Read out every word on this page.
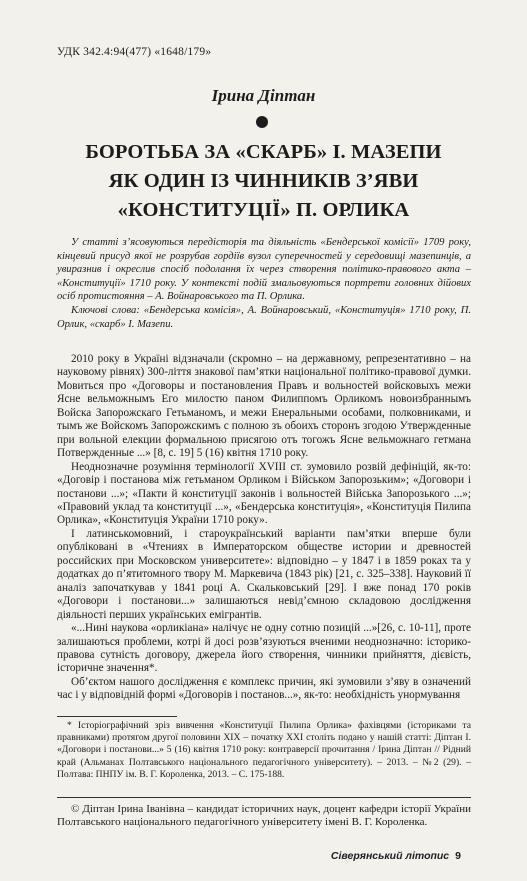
УДК 342.4:94(477) «1648/179»
Ірина Діптан
БОРОТЬБА ЗА «СКАРБ» І. МАЗЕПИ
ЯК ОДИН ІЗ ЧИННИКІВ З’ЯВИ
«КОНСТИТУЦІЇ» П. ОРЛИКА

У статті з’ясовуються передісторія та діяльність «Бендерської комісії» 1709 року, кінцевий присуд якої не розрубав гордіїв вузол суперечностей у середовищі мазепинців, а увиразнив і окреслив спосіб подолання їх через створення політико-правового акта – «Конституції» 1710 року. У контексті подій змальовуються портрети головних дійових осіб протистояння – А. Войнаровського та П. Орлика.

Ключові слова: «Бендерська комісія», А. Войнаровський, «Конституція» 1710 року, П. Орлик, «скарб» І. Мазепи.

2010 року в Україні відзначали (скромно – на державному, репрезентативно – на науковому рівнях) 300-ліття знакової пам’ятки національної політико-правової думки. Мовиться про «Договоры и постановления Правъ и вольностей войсковыхъ межи Ясне вельможнымъ Его милостю паном Филиппомъ Орликомъ новоизбраннымъ Войска Запорожскаго Гетьманомъ, и межи Енеральными особами, полковниками, и тымъ же Войскомъ Запорожскимъ с полною зъ обоихъ сторонъ згодою Утвержденные при вольной елекции формальною присягою отъ тогожъ Ясне вельможнаго гетмана Потвержденные ...» [8, с. 19] 5 (16) квітня 1710 року.

Неоднозначне розуміння термінології XVIII ст. зумовило розвій дефініцій, як-то: «Договір і постанова між гетьманом Орликом і Військом Запорозьким»; «Договори і постанови ...»; «Пакти й конституції законів і вольностей Війська Запорозького ...»; «Правовий уклад та конституції ...», «Бендерська конституція», «Конституція Пилипа Орлика», «Конституція України 1710 року».

І латинськомовний, і староукраїнський варіанти пам’ятки вперше були опубліковані в «Чтениях в Императорском обществе истории и древностей российских при Московском университете»: відповідно – у 1847 і в 1859 роках та у додатках до п’ятитомного твору М. Маркевича (1843 рік) [21, с. 325–338]. Науковий її аналіз започаткував у 1841 році А. Скальковський [29]. І вже понад 170 років «Договори і постанови...» залишаються невід’ємною складовою дослідження діяльності перших українських емігрантів.

«...Нині наукова «орликіана» налічує не одну сотню позицій ...»[26, с. 10-11], проте залишаються проблеми, котрі й досі розв’язуються вченими неоднозначно: історико-правова сутність договору, джерела його створення, чинники прийняття, дієвість, історичне значення*.

Об’єктом нашого дослідження є комплекс причин, які зумовили з’яву в означений час і у відповідній формі «Договорів і постанов...», як-то: необхідність унормування

* Історіографічний зріз вивчення «Конституції Пилипа Орлика» фахівцями (істориками та правниками) протягом другої половини XIX – початку XXI століть подано у нашій статті: Діптан І. «Договори і постанови...» 5 (16) квітня 1710 року: контраверсії прочитання / Ірина Діптан // Рідний край (Альманах Полтавського національного педагогічного університету). – 2013. – №2 (29). – Полтава: ПНПУ ім. В. Г. Короленка, 2013. – С. 175-188.

© Діптан Ірина Іванівна – кандидат історичних наук, доцент кафедри історії України Полтавського національного педагогічного університету імені В. Г. Короленка.

Сіверянський літопис 9
